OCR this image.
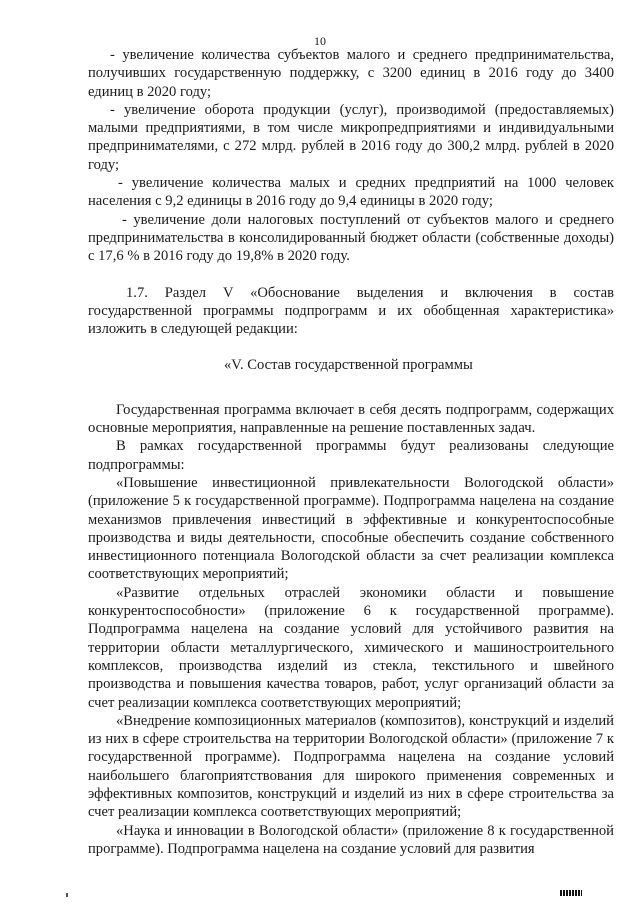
10

- увеличение количества субъектов малого и среднего предпринимательства, получивших государственную поддержку, с 3200 единиц в 2016 году до 3400 единиц в 2020 году;

- увеличение оборота продукции (услуг), производимой (предоставляемых) малыми предприятиями, в том числе микропредприятиями и индивидуальными предпринимателями, с 272 млрд. рублей в 2016 году до 300,2 млрд. рублей в 2020 году;

- увеличение количества малых и средних предприятий на 1000 человек населения с 9,2 единицы в 2016 году до 9,4 единицы в 2020 году;

- увеличение доли налоговых поступлений от субъектов малого и среднего предпринимательства в консолидированный бюджет области (собственные доходы) с 17,6 % в 2016 году до 19,8% в 2020 году.

1.7. Раздел V «Обоснование выделения и включения в состав государственной программы подпрограмм и их обобщенная характеристика» изложить в следующей редакции:

«V. Состав государственной программы

Государственная программа включает в себя десять подпрограмм, содержащих основные мероприятия, направленные на решение поставленных задач.

В рамках государственной программы будут реализованы следующие подпрограммы:

«Повышение инвестиционной привлекательности Вологодской области» (приложение 5 к государственной программе). Подпрограмма нацелена на создание механизмов привлечения инвестиций в эффективные и конкурентоспособные производства и виды деятельности, способные обеспечить создание собственного инвестиционного потенциала Вологодской области за счет реализации комплекса соответствующих мероприятий;

«Развитие отдельных отраслей экономики области и повышение конкурентоспособности» (приложение 6 к государственной программе). Подпрограмма нацелена на создание условий для устойчивого развития на территории области металлургического, химического и машиностроительного комплексов, производства изделий из стекла, текстильного и швейного производства и повышения качества товаров, работ, услуг организаций области за счет реализации комплекса соответствующих мероприятий;

«Внедрение композиционных материалов (композитов), конструкций и изделий из них в сфере строительства на территории Вологодской области» (приложение 7 к государственной программе). Подпрограмма нацелена на создание условий наибольшего благоприятствования для широкого применения современных и эффективных композитов, конструкций и изделий из них в сфере строительства за счет реализации комплекса соответствующих мероприятий;

«Наука и инновации в Вологодской области» (приложение 8 к государственной программе). Подпрограмма нацелена на создание условий для развития
